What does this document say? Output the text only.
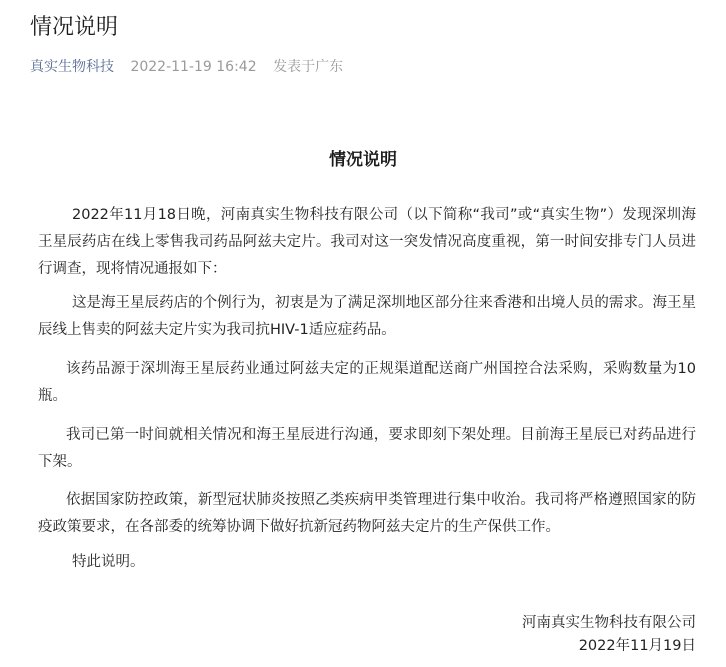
情况说明
真实生物科技 2022-11-19 16:42 发表于广东
情况说明
2022年11月18日晚，河南真实生物科技有限公司（以下简称“我司”或“真实生物”）发现深圳海王星辰药店在线上零售我司药品阿兹夫定片。我司对这一突发情况高度重视，第一时间安排专门人员进行调查，现将情况通报如下：
这是海王星辰药店的个例行为，初衷是为了满足深圳地区部分往来香港和出境人员的需求。海王星辰线上售卖的阿兹夫定片实为我司抗HIV-1适应症药品。
该药品源于深圳海王星辰药业通过阿兹夫定的正规渠道配送商广州国控合法采购，采购数量为10瓶。
我司已第一时间就相关情况和海王星辰进行沟通，要求即刻下架处理。目前海王星辰已对药品进行下架。
依据国家防控政策，新型冠状肺炎按照乙类疾病甲类管理进行集中收治。我司将严格遵照国家的防疫政策要求，在各部委的统筹协调下做好抗新冠药物阿兹夫定片的生产保供工作。
特此说明。
河南真实生物科技有限公司
2022年11月19日
